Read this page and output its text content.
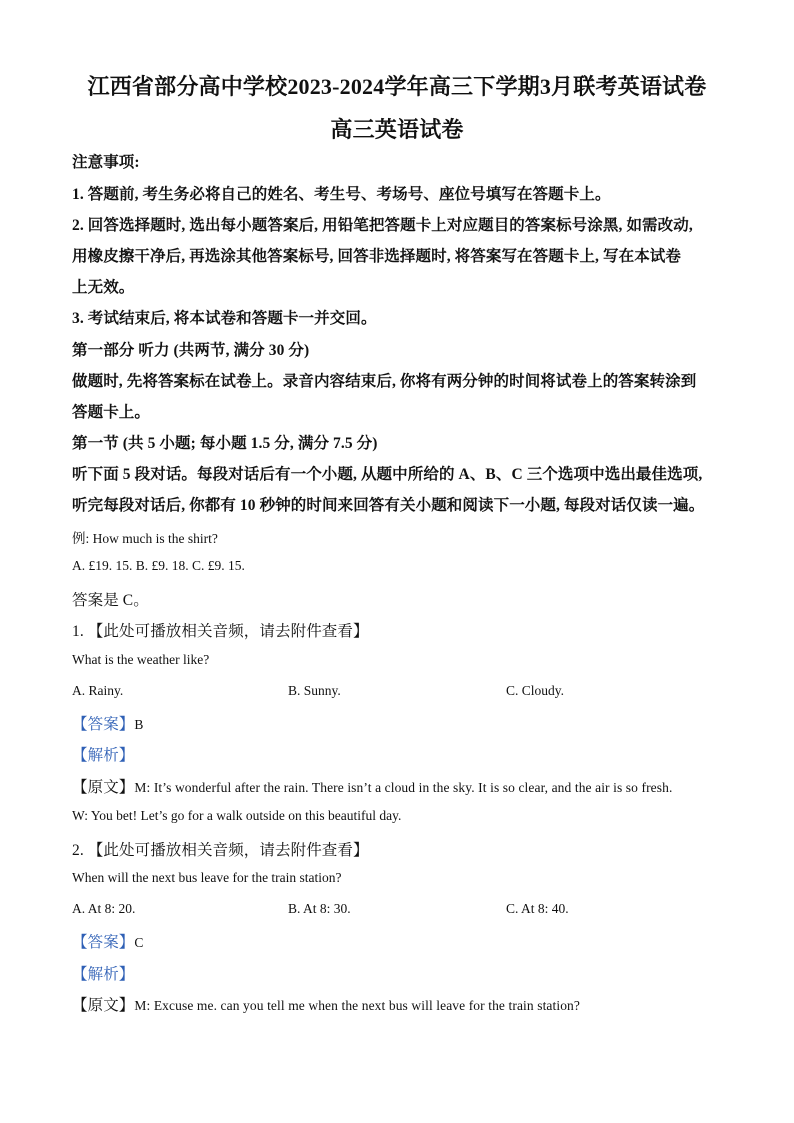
江西省部分高中学校2023-2024学年高三下学期3月联考英语试卷
高三英语试卷
注意事项:
1. 答题前, 考生务必将自己的姓名、考生号、考场号、座位号填写在答题卡上。
2. 回答选择题时, 选出每小题答案后, 用铅笔把答题卡上对应题目的答案标号涂黑, 如需改动,
用橡皮擦干净后, 再选涂其他答案标号, 回答非选择题时, 将答案写在答题卡上, 写在本试卷
上无效。
3. 考试结束后, 将本试卷和答题卡一并交回。
第一部分 听力 (共两节, 满分 30 分)
做题时, 先将答案标在试卷上。录音内容结束后, 你将有两分钟的时间将试卷上的答案转涂到
答题卡上。
第一节 (共 5 小题; 每小题 1.5 分, 满分 7.5 分)
听下面 5 段对话。每段对话后有一个小题, 从题中所给的 A、B、C 三个选项中选出最佳选项,
听完每段对话后, 你都有 10 秒钟的时间来回答有关小题和阅读下一小题, 每段对话仅读一遍。
例: How much is the shirt?
A. £19. 15. B. £9. 18. C. £9. 15.
答案是 C。
1. 【此处可播放相关音频，请去附件查看】
What is the weather like?
A. Rainy.	B. Sunny.	C. Cloudy.
【答案】B
【解析】
【原文】M: It’s wonderful after the rain. There isn’t a cloud in the sky. It is so clear, and the air is so fresh.
W: You bet! Let’s go for a walk outside on this beautiful day.
2. 【此处可播放相关音频，请去附件查看】
When will the next bus leave for the train station?
A. At 8: 20.	B. At 8: 30.	C. At 8: 40.
【答案】C
【解析】
【原文】M: Excuse me. can you tell me when the next bus will leave for the train station?
